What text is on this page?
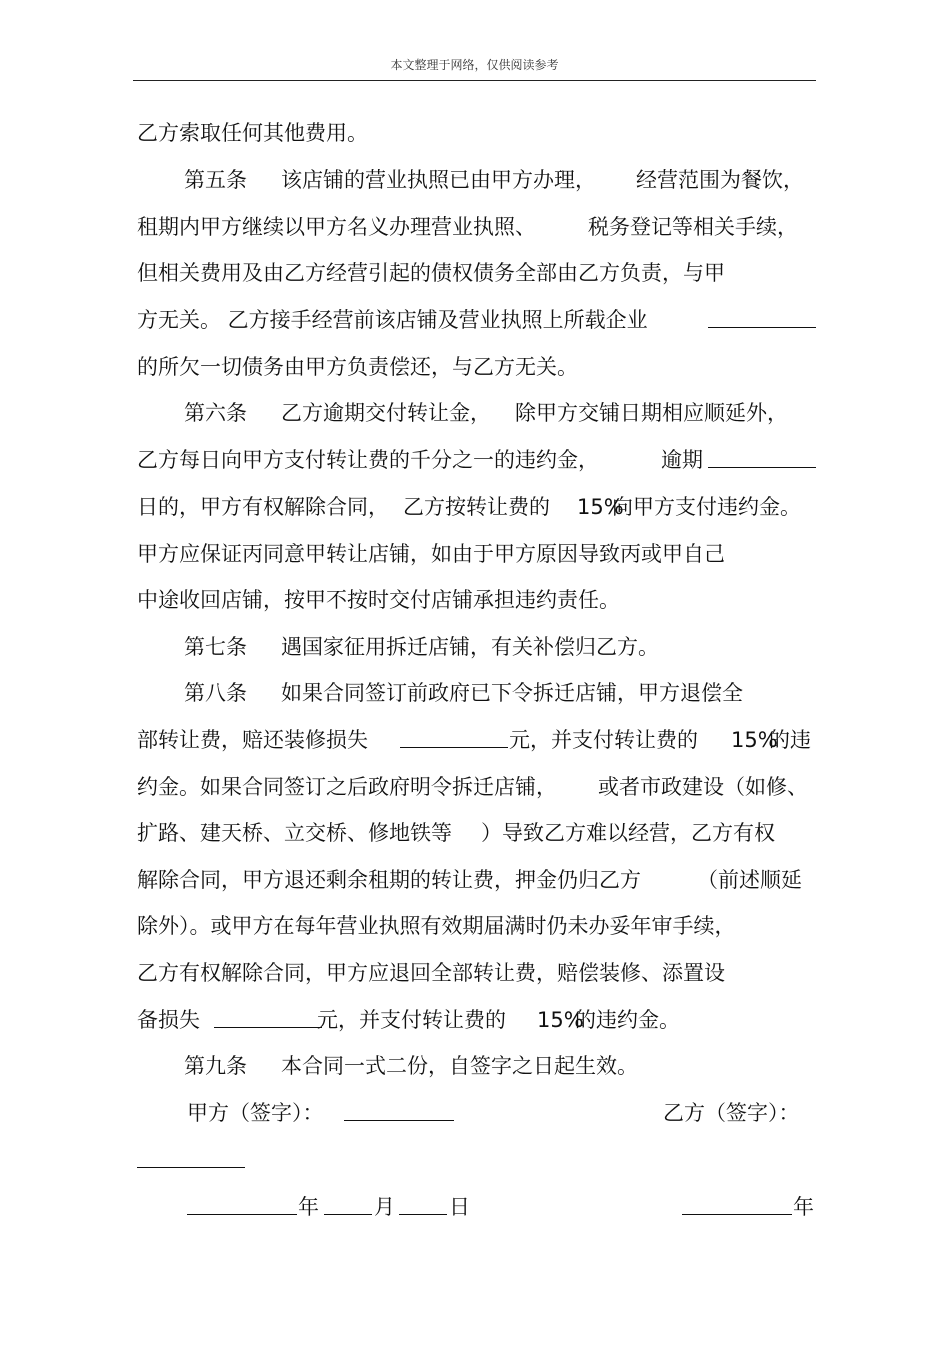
本文整理于网络，仅供阅读参考
乙方索取任何其他费用。
第五条 该店铺的营业执照已由甲方办理， 经营范围为餐饮，
租期内甲方继续以甲方名义办理营业执照、 税务登记等相关手续，
但相关费用及由乙方经营引起的债权债务全部由乙方负责，与甲
方无关。 乙方接手经营前该店铺及营业执照上所载企业
的所欠一切债务由甲方负责偿还，与乙方无关。
第六条 乙方逾期交付转让金， 除甲方交铺日期相应顺延外，
乙方每日向甲方支付转让费的千分之一的违约金，	逾期
日的，甲方有权解除合同， 乙方按转让费的 15%
向甲方支付违约金。
甲方应保证丙同意甲转让店铺，如由于甲方原因导致丙或甲自己
中途收回店铺，按甲不按时交付店铺承担违约责任。
第七条 遇国家征用拆迁店铺，有关补偿归乙方。
第八条 如果合同签订前政府已下令拆迁店铺，甲方退偿全
部转让费，赔还装修损失	元，并支付转让费的 15%
的违
约金。如果合同签订之后政府明令拆迁店铺， 或者市政建设（如修、
扩路、建天桥、立交桥、修地铁等 ）导致乙方难以经营，乙方有权
解除合同，甲方退还剩余租期的转让费，押金仍归乙方	（前述顺延
除外）。或甲方在每年营业执照有效期届满时仍未办妥年审手续，
乙方有权解除合同，甲方应退回全部转让费，赔偿装修、添置设
备损失	元，并支付转让费的 15%
的违约金。
第九条 本合同一式二份，自签字之日起生效。
甲方（签字）：	乙方（签字）：
年	月	日	年
